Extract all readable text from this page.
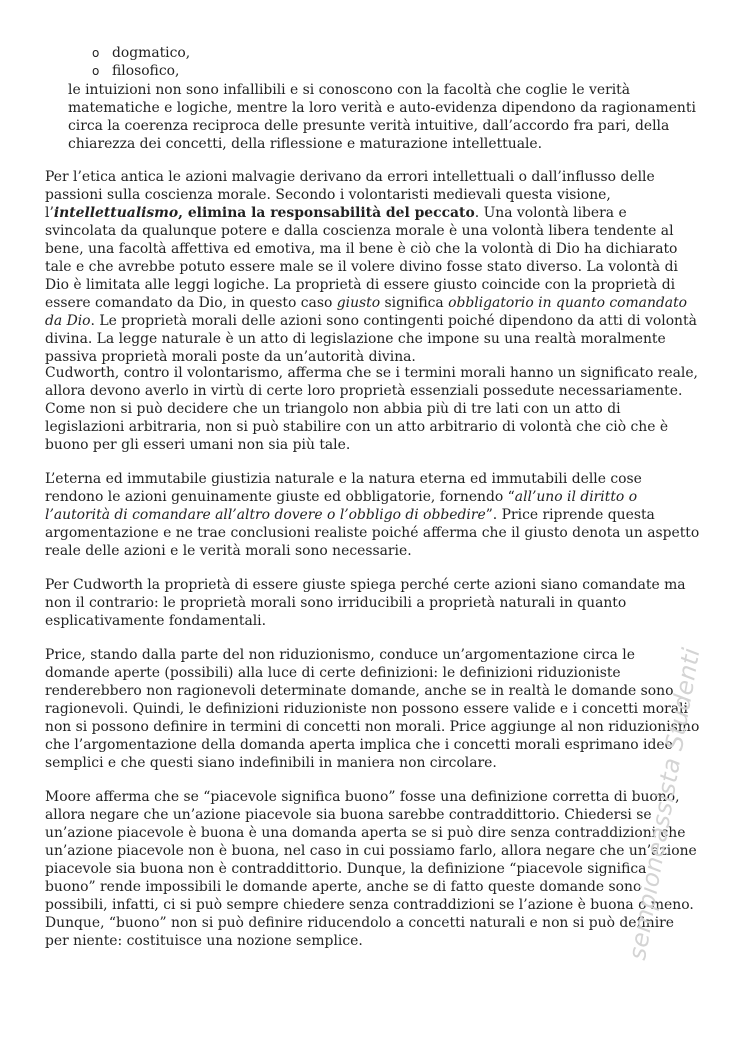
o dogmatico,
o filosofico,

le intuizioni non sono infallibili e si conoscono con la facoltà che coglie le verità matematiche e logiche, mentre la loro verità e auto-evidenza dipendono da ragionamenti circa la coerenza reciproca delle presunte verità intuitive, dall’accordo fra pari, della chiarezza dei concetti, della riflessione e maturazione intellettuale.

Per l’etica antica le azioni malvagie derivano da errori intellettuali o dall’influsso delle passioni sulla coscienza morale. Secondo i volontaristi medievali questa visione, l’intellettualismo, elimina la responsabilità del peccato. Una volontà libera e svincolata da qualunque potere e dalla coscienza morale è una volontà libera tendente al bene, una facoltà affettiva ed emotiva, ma il bene è ciò che la volontà di Dio ha dichiarato tale e che avrebbe potuto essere male se il volere divino fosse stato diverso. La volontà di Dio è limitata alle leggi logiche. La proprietà di essere giusto coincide con la proprietà di essere comandato da Dio, in questo caso giusto significa obbligatorio in quanto comandato da Dio. Le proprietà morali delle azioni sono contingenti poiché dipendono da atti di volontà divina. La legge naturale è un atto di legislazione che impone su una realtà moralmente passiva proprietà morali poste da un’autorità divina.

Cudworth, contro il volontarismo, afferma che se i termini morali hanno un significato reale, allora devono averlo in virtù di certe loro proprietà essenziali possedute necessariamente. Come non si può decidere che un triangolo non abbia più di tre lati con un atto di legislazioni arbitraria, non si può stabilire con un atto arbitrario di volontà che ciò che è buono per gli esseri umani non sia più tale.

L’eterna ed immutabile giustizia naturale e la natura eterna ed immutabili delle cose rendono le azioni genuinamente giuste ed obbligatorie, fornendo “all’uno il diritto o l’autorità di comandare all’altro dovere o l’obbligo di obbedire”. Price riprende questa argomentazione e ne trae conclusioni realiste poiché afferma che il giusto denota un aspetto reale delle azioni e le verità morali sono necessarie.

Per Cudworth la proprietà di essere giuste spiega perché certe azioni siano comandate ma non il contrario: le proprietà morali sono irriducibili a proprietà naturali in quanto esplicativamente fondamentali.

Price, stando dalla parte del non riduzionismo, conduce un’argomentazione circa le domande aperte (possibili) alla luce di certe definizioni: le definizioni riduzioniste renderebbero non ragionevoli determinate domande, anche se in realtà le domande sono ragionevoli. Quindi, le definizioni riduzioniste non possono essere valide e i concetti morali non si possono definire in termini di concetti non morali. Price aggiunge al non riduzionismo che l’argomentazione della domanda aperta implica che i concetti morali esprimano idee semplici e che questi siano indefinibili in maniera non circolare.

Moore afferma che se “piacevole significa buono” fosse una definizione corretta di buono, allora negare che un’azione piacevole sia buona sarebbe contraddittorio. Chiedersi se un’azione piacevole è buona è una domanda aperta se si può dire senza contraddizioni che un’azione piacevole non è buona, nel caso in cui possiamo farlo, allora negare che un’azione piacevole sia buona non è contraddittorio. Dunque, la definizione “piacevole significa buono” rende impossibili le domande aperte, anche se di fatto queste domande sono possibili, infatti, ci si può sempre chiedere senza contraddizioni se l’azione è buona o meno. Dunque, “buono” non si può definire riducendolo a concetti naturali e non si può definire per niente: costituisce una nozione semplice.	sempioneassista Studenti
